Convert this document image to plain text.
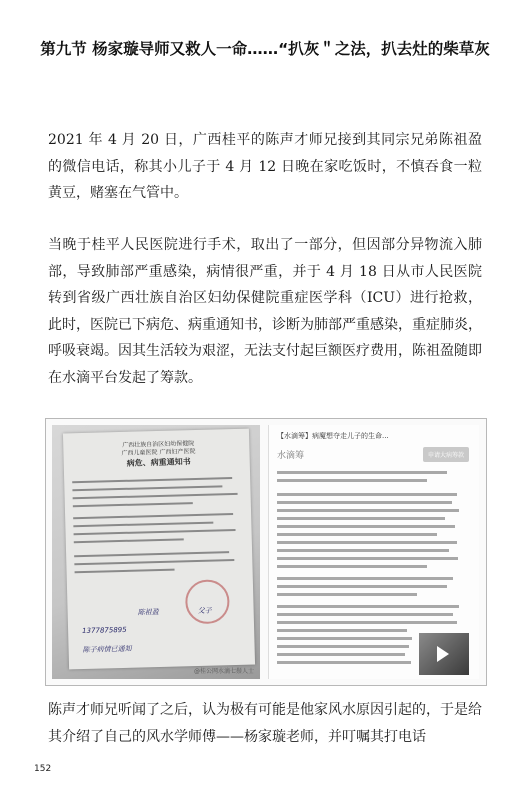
第九节 杨家璇导师又救人一命……“扒灰＂之法，扒去灶的柴草灰

2021 年 4 月 20 日，广西桂平的陈声才师兄接到其同宗兄弟陈祖盈的微信电话，称其小儿子于 4 月 12 日晚在家吃饭时，不慎吞食一粒黄豆，赌塞在气管中。

当晚于桂平人民医院进行手术，取出了一部分，但因部分异物流入肺部，导致肺部严重感染，病情很严重，并于 4 月 18 日从市人民医院转到省级广西壮族自治区妇幼保健院重症医学科（ICU）进行抢救，此时，医院已下病危、病重通知书，诊断为肺部严重感染，重症肺炎，呼吸衰竭。因其生活较为艰涩，无法支付起巨额医疗费用，陈祖盈随即在水滴平台发起了筹款。

广西壮族自治区妇幼保健院
广西儿童医院 广西妇产医院
病危、病重通知书
陈祖盈	父子
1377875895
陈子病情已通知
@桂公网水滴七鬃人士
【水滴筹】病魔想夺走儿子的生命...
水滴筹	申请大病筹款

陈声才师兄听闻了之后，认为极有可能是他家风水原因引起的，于是给其介绍了自己的风水学师傅——杨家璇老师，并叮嘱其打电话

152
